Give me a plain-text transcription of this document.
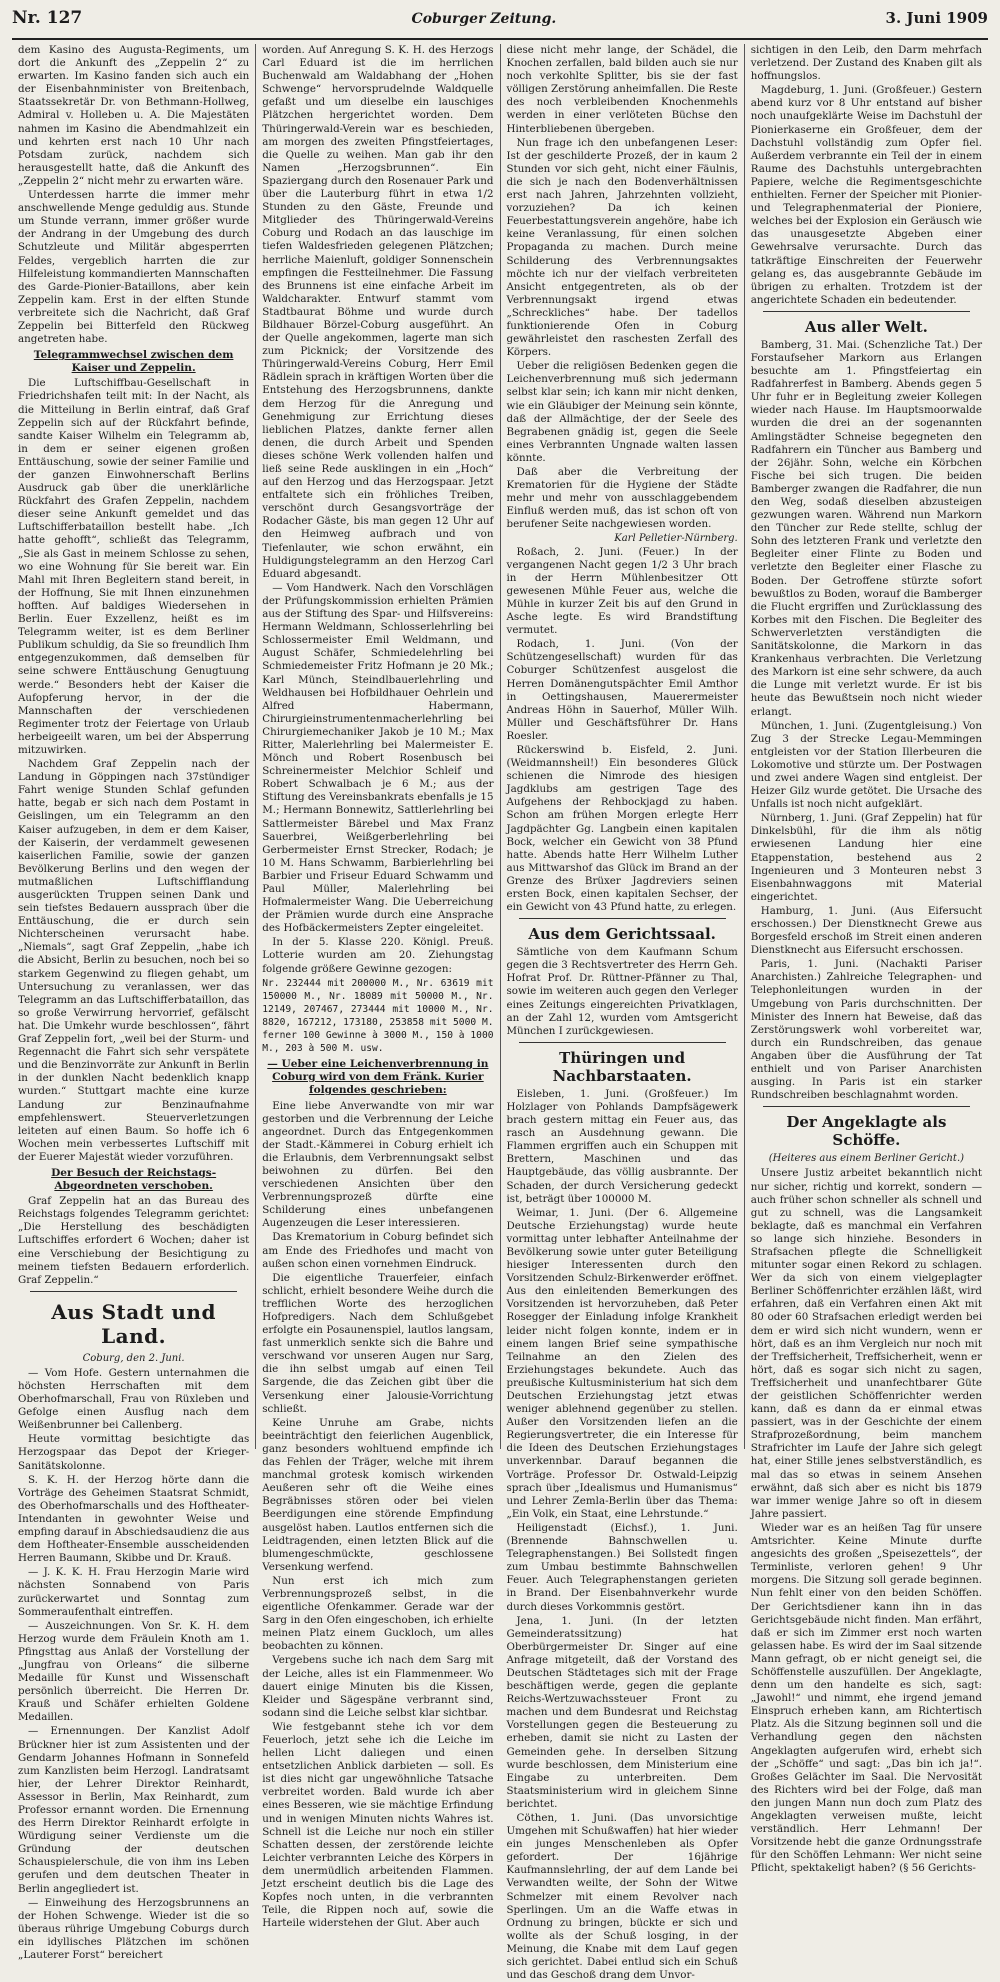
Nr. 127	Coburger Zeitung.	3. Juni 1909

dem Kasino des Augusta-Regiments, um dort die Ankunft des „Zeppelin 2“ zu erwarten. Im Kasino fanden sich auch ein der Eisenbahnminister von Breitenbach, Staatssekretär Dr. von Bethmann-Hollweg, Admiral v. Holleben u. A. Die Majestäten nahmen im Kasino die Abendmahlzeit ein und kehrten erst nach 10 Uhr nach Potsdam zurück, nachdem sich herausgestellt hatte, daß die Ankunft des „Zeppelin 2“ nicht mehr zu erwarten wäre.

Unterdessen harrte die immer mehr anschwellende Menge geduldig aus. Stunde um Stunde verrann, immer größer wurde der Andrang in der Umgebung des durch Schutzleute und Militär abgesperrten Feldes, vergeblich harrten die zur Hilfeleistung kommandierten Mannschaften des Garde-Pionier-Bataillons, aber kein Zeppelin kam. Erst in der elften Stunde verbreitete sich die Nachricht, daß Graf Zeppelin bei Bitterfeld den Rückweg angetreten habe.

Telegrammwechsel zwischen dem Kaiser und Zeppelin.

Die Luftschiffbau-Gesellschaft in Friedrichshafen teilt mit: In der Nacht, als die Mitteilung in Berlin eintraf, daß Graf Zeppelin sich auf der Rückfahrt befinde, sandte Kaiser Wilhelm ein Telegramm ab, in dem er seiner eigenen großen Enttäuschung, sowie der seiner Familie und der ganzen Einwohnerschaft Berlins Ausdruck gab über die unerklärliche Rückfahrt des Grafen Zeppelin, nachdem dieser seine Ankunft gemeldet und das Luftschifferbataillon bestellt habe. „Ich hatte gehofft“, schließt das Telegramm, „Sie als Gast in meinem Schlosse zu sehen, wo eine Wohnung für Sie bereit war. Ein Mahl mit Ihren Begleitern stand bereit, in der Hoffnung, Sie mit Ihnen einzunehmen hofften. Auf baldiges Wiedersehen in Berlin. Euer Exzellenz, heißt es im Telegramm weiter, ist es dem Berliner Publikum schuldig, da Sie so freundlich Ihm entgegenzukommen, daß demselben für seine schwere Enttäuschung Genugtuung werde.“ Besonders hebt der Kaiser die Aufopferung hervor, in der die Mannschaften der verschiedenen Regimenter trotz der Feiertage von Urlaub herbeigeeilt waren, um bei der Absperrung mitzuwirken.

Nachdem Graf Zeppelin nach der Landung in Göppingen nach 37stündiger Fahrt wenige Stunden Schlaf gefunden hatte, begab er sich nach dem Postamt in Geislingen, um ein Telegramm an den Kaiser aufzugeben, in dem er dem Kaiser, der Kaiserin, der verdammelt gewesenen kaiserlichen Familie, sowie der ganzen Bevölkerung Berlins und den wegen der mutmaßlichen Luftschifflandung ausgerückten Truppen seinen Dank und sein tiefstes Bedauern aussprach über die Enttäuschung, die er durch sein Nichterscheinen verursacht habe. „Niemals“, sagt Graf Zeppelin, „habe ich die Absicht, Berlin zu besuchen, noch bei so starkem Gegenwind zu fliegen gehabt, um Untersuchung zu veranlassen, wer das Telegramm an das Luftschifferbataillon, das so große Verwirrung hervorrief, gefälscht hat. Die Umkehr wurde beschlossen“, fährt Graf Zeppelin fort, „weil bei der Sturm- und Regennacht die Fahrt sich sehr verspätete und die Benzinvorräte zur Ankunft in Berlin in der dunklen Nacht bedenklich knapp wurden.“ Stuttgart machte eine kurze Landung zur Benzinaufnahme empfehlenswert. Steuerverletzungen leiteten auf einen Baum. So hoffe ich 6 Wochen mein verbessertes Luftschiff mit der Euerer Majestät wieder vorzuführen.

Der Besuch der Reichstags-Abgeordneten verschoben.

Graf Zeppelin hat an das Bureau des Reichstags folgendes Telegramm gerichtet: „Die Herstellung des beschädigten Luftschiffes erfordert 6 Wochen; daher ist eine Verschiebung der Besichtigung zu meinem tiefsten Bedauern erforderlich. Graf Zeppelin.“

Aus Stadt und Land.
Coburg, den 2. Juni.

— Vom Hofe. Gestern unternahmen die höchsten Herrschaften mit dem Oberhofmarschall, Frau von Rüxleben und Gefolge einen Ausflug nach dem Weißenbrunner bei Callenberg.

Heute vormittag besichtigte das Herzogspaar das Depot der Krieger-Sanitätskolonne.

S. K. H. der Herzog hörte dann die Vorträge des Geheimen Staatsrat Schmidt, des Oberhofmarschalls und des Hoftheater-Intendanten in gewohnter Weise und empfing darauf in Abschiedsaudienz die aus dem Hoftheater-Ensemble ausscheidenden Herren Baumann, Skibbe und Dr. Krauß.

— J. K. K. H. Frau Herzogin Marie wird nächsten Sonnabend von Paris zurückerwartet und Sonntag zum Sommeraufenthalt eintreffen.

— Auszeichnungen. Von Sr. K. H. dem Herzog wurde dem Fräulein Knoth am 1. Pfingsttag aus Anlaß der Vorstellung der „Jungfrau von Orleans“ die silberne Medaille für Kunst und Wissenschaft persönlich überreicht. Die Herren Dr. Krauß und Schäfer erhielten Goldene Medaillen.

— Ernennungen. Der Kanzlist Adolf Brückner hier ist zum Assistenten und der Gendarm Johannes Hofmann in Sonnefeld zum Kanzlisten beim Herzogl. Landratsamt hier, der Lehrer Direktor Reinhardt, Assessor in Berlin, Max Reinhardt, zum Professor ernannt worden. Die Ernennung des Herrn Direktor Reinhardt erfolgte in Würdigung seiner Verdienste um die Gründung der deutschen Schauspielerschule, die von ihm ins Leben gerufen und dem deutschen Theater in Berlin angegliedert ist.

— Einweihung des Herzogsbrunnens an der Hohen Schwenge. Wieder ist die so überaus rührige Umgebung Coburgs durch ein idyllisches Plätzchen im schönen „Lauterer Forst“ bereichert

worden. Auf Anregung S. K. H. des Herzogs Carl Eduard ist die im herrlichen Buchenwald am Waldabhang der „Hohen Schwenge“ hervorsprudelnde Waldquelle gefaßt und um dieselbe ein lauschiges Plätzchen hergerichtet worden. Dem Thüringerwald-Verein war es beschieden, am morgen des zweiten Pfingstfeiertages, die Quelle zu weihen. Man gab ihr den Namen „Herzogsbrunnen“. Ein Spaziergang durch den Rosenauer Park und über die Lauterburg führt in etwa 1/2 Stunden zu den Gäste, Freunde und Mitglieder des Thüringerwald-Vereins Coburg und Rodach an das lauschige im tiefen Waldesfrieden gelegenen Plätzchen; herrliche Maienluft, goldiger Sonnenschein empfingen die Festteilnehmer. Die Fassung des Brunnens ist eine einfache Arbeit im Waldcharakter. Entwurf stammt vom Stadtbaurat Böhme und wurde durch Bildhauer Börzel-Coburg ausgeführt. An der Quelle angekommen, lagerte man sich zum Picknick; der Vorsitzende des Thüringerwald-Vereins Coburg, Herr Emil Rädlein sprach in kräftigen Worten über die Entstehung des Herzogsbrunnens, dankte dem Herzog für die Anregung und Genehmigung zur Errichtung dieses lieblichen Platzes, dankte ferner allen denen, die durch Arbeit und Spenden dieses schöne Werk vollenden halfen und ließ seine Rede ausklingen in ein „Hoch“ auf den Herzog und das Herzogspaar. Jetzt entfaltete sich ein fröhliches Treiben, verschönt durch Gesangsvorträge der Rodacher Gäste, bis man gegen 12 Uhr auf den Heimweg aufbrach und von Tiefenlauter, wie schon erwähnt, ein Huldigungstelegramm an den Herzog Carl Eduard abgesandt.

— Vom Handwerk. Nach den Vorschlägen der Prüfungskommission erhielten Prämien aus der Stiftung des Spar- und Hilfsvereins: Hermann Weldmann, Schlosserlehrling bei Schlossermeister Emil Weldmann, und August Schäfer, Schmiedelehrling bei Schmiedemeister Fritz Hofmann je 20 Mk.; Karl Münch, Steindlbauerlehrling und Weldhausen bei Hofbildhauer Oehrlein und Alfred Habermann, Chirurgieinstrumentenmacherlehrling bei Chirurgiemechaniker Jakob je 10 M.; Max Ritter, Malerlehrling bei Malermeister E. Mönch und Robert Rosenbusch bei Schreinermeister Melchior Schleif und Robert Schwalbach je 6 M.; aus der Stiftung des Vereinsbankrats ebenfalls je 15 M.; Hermann Bonnewitz, Sattlerlehrling bei Sattlermeister Bärebel und Max Franz Sauerbrei, Weißgerberlehrling bei Gerbermeister Ernst Strecker, Rodach; je 10 M. Hans Schwamm, Barbierlehrling bei Barbier und Friseur Eduard Schwamm und Paul Müller, Malerlehrling bei Hofmalermeister Wang. Die Ueberreichung der Prämien wurde durch eine Ansprache des Hofbäckermeisters Zepter eingeleitet.

In der 5. Klasse 220. Königl. Preuß. Lotterie wurden am 20. Ziehungstag folgende größere Gewinne gezogen:

Nr. 232444 mit 200000 M., Nr. 63619 mit 150000 M., Nr. 18089 mit 50000 M., Nr. 12149, 207467, 273444 mit 10000 M., Nr. 8820, 167212, 173180, 253858 mit 5000 M. ferner 100 Gewinne à 3000 M., 150 à 1000 M., 203 à 500 M. usw.

— Ueber eine Leichenverbrennung in Coburg wird von dem Fränk. Kurier folgendes geschrieben:

Eine liebe Anverwandte von mir war gestorben und die Verbrennung der Leiche angeordnet. Durch das Entgegenkommen der Stadt.-Kämmerei in Coburg erhielt ich die Erlaubnis, dem Verbrennungsakt selbst beiwohnen zu dürfen. Bei den verschiedenen Ansichten über den Verbrennungsprozeß dürfte eine Schilderung eines unbefangenen Augenzeugen die Leser interessieren.

Das Krematorium in Coburg befindet sich am Ende des Friedhofes und macht von außen schon einen vornehmen Eindruck.

Die eigentliche Trauerfeier, einfach schlicht, erhielt besondere Weihe durch die trefflichen Worte des herzoglichen Hofpredigers. Nach dem Schlußgebet erfolgte ein Posaunenspiel, lautlos langsam, fast unmerklich senkte sich die Bahre und verschwand vor unseren Augen nur Sarg, die ihn selbst umgab auf einen Teil Sargende, die das Zeichen gibt über die Versenkung einer Jalousie-Vorrichtung schließt.

Keine Unruhe am Grabe, nichts beeinträchtigt den feierlichen Augenblick, ganz besonders wohltuend empfinde ich das Fehlen der Träger, welche mit ihrem manchmal grotesk komisch wirkenden Aeußeren sehr oft die Weihe eines Begräbnisses stören oder bei vielen Beerdigungen eine störende Empfindung ausgelöst haben. Lautlos entfernen sich die Leidtragenden, einen letzten Blick auf die blumengeschmückte, geschlossene Versenkung werfend.

Nun erst ich mich zum Verbrennungsprozeß selbst, in die eigentliche Ofenkammer. Gerade war der Sarg in den Ofen eingeschoben, ich erhielte meinen Platz einem Guckloch, um alles beobachten zu können.

Vergebens suche ich nach dem Sarg mit der Leiche, alles ist ein Flammenmeer. Wo dauert einige Minuten bis die Kissen, Kleider und Sägespäne verbrannt sind, sodann sind die Leiche selbst klar sichtbar.

Wie festgebannt stehe ich vor dem Feuerloch, jetzt sehe ich die Leiche im hellen Licht daliegen und einen entsetzlichen Anblick darbieten — soll. Es ist dies nicht gar ungewöhnliche Tatsache verbreitet worden. Bald wurde ich aber eines Besseren, wie sie mächtige Erfindung und in wenigen Minuten nichts Wahres ist. Schnell ist die Leiche nur noch ein stiller Schatten dessen, der zerstörende leichte Leichter verbrannten Leiche des Körpers in dem unermüdlich arbeitenden Flammen. Jetzt erscheint deutlich bis die Lage des Kopfes noch unten, in die verbrannten Teile, die Rippen noch auf, sowie die Harteile widerstehen der Glut. Aber auch

diese nicht mehr lange, der Schädel, die Knochen zerfallen, bald bilden auch sie nur noch verkohlte Splitter, bis sie der fast völligen Zerstörung anheimfallen. Die Reste des noch verbleibenden Knochenmehls werden in einer verlöteten Büchse den Hinterbliebenen übergeben.

Nun frage ich den unbefangenen Leser: Ist der geschilderte Prozeß, der in kaum 2 Stunden vor sich geht, nicht einer Fäulnis, die sich je nach den Bodenverhältnissen erst nach Jahren, Jahrzehnten vollzieht, vorzuziehen? Da ich keinen Feuerbestattungsverein angehöre, habe ich keine Veranlassung, für einen solchen Propaganda zu machen. Durch meine Schilderung des Verbrennungsaktes möchte ich nur der vielfach verbreiteten Ansicht entgegentreten, als ob der Verbrennungsakt irgend etwas „Schreckliches“ habe. Der tadellos funktionierende Ofen in Coburg gewährleistet den raschesten Zerfall des Körpers.

Ueber die religiösen Bedenken gegen die Leichenverbrennung muß sich jedermann selbst klar sein; ich kann mir nicht denken, wie ein Gläubiger der Meinung sein könnte, daß der Allmächtige, der der Seele des Begrabenen gnädig ist, gegen die Seele eines Verbrannten Ungnade walten lassen könnte.

Daß aber die Verbreitung der Krematorien für die Hygiene der Städte mehr und mehr von ausschlaggebendem Einfluß werden muß, das ist schon oft von berufener Seite nachgewiesen worden.

Karl Pelletier-Nürnberg.

Roßach, 2. Juni. (Feuer.) In der vergangenen Nacht gegen 1/2 3 Uhr brach in der Herrn Mühlenbesitzer Ott gewesenen Mühle Feuer aus, welche die Mühle in kurzer Zeit bis auf den Grund in Asche legte. Es wird Brandstiftung vermutet.

Rodach, 1. Juni. (Von der Schützengesellschaft) wurden für das Coburger Schützenfest ausgelost die Herren Domänengutspächter Emil Amthor in Oettingshausen, Mauerermeister Andreas Höhn in Sauerhof, Müller Wilh. Müller und Geschäftsführer Dr. Hans Roesler.

Rückerswind b. Eisfeld, 2. Juni. (Weidmannsheil!) Ein besonderes Glück schienen die Nimrode des hiesigen Jagdklubs am gestrigen Tage des Aufgehens der Rehbockjagd zu haben. Schon am frühen Morgen erlegte Herr Jagdpächter Gg. Langbein einen kapitalen Bock, welcher ein Gewicht von 38 Pfund hatte. Abends hatte Herr Wilhelm Luther aus Mittwarshof das Glück im Brand an der Grenze des Brüxer Jagdreviers seinen ersten Bock, einen kapitalen Sechser, der ein Gewicht von 43 Pfund hatte, zu erlegen.

Aus dem Gerichtssaal.

Sämtliche von dem Kaufmann Schum gegen die 3 Rechtsvertreter des Herrn Geh. Hofrat Prof. Dr. Rüttner-Pfänner zu Thal, sowie im weiteren auch gegen den Verleger eines Zeitungs eingereichten Privatklagen, an der Zahl 12, wurden vom Amtsgericht München I zurückgewiesen.

Thüringen und Nachbarstaaten.

Eisleben, 1. Juni. (Großfeuer.) Im Holzlager von Pohlands Dampfsägewerk brach gestern mittag ein Feuer aus, das rasch an Ausdehnung gewann. Die Flammen ergriffen auch ein Schuppen mit Brettern, Maschinen und das Hauptgebäude, das völlig ausbrannte. Der Schaden, der durch Versicherung gedeckt ist, beträgt über 100000 M.

Weimar, 1. Juni. (Der 6. Allgemeine Deutsche Erziehungstag) wurde heute vormittag unter lebhafter Anteilnahme der Bevölkerung sowie unter guter Beteiligung hiesiger Interessenten durch den Vorsitzenden Schulz-Birkenwerder eröffnet. Aus den einleitenden Bemerkungen des Vorsitzenden ist hervorzuheben, daß Peter Rosegger der Einladung infolge Krankheit leider nicht folgen konnte, indem er in einem langen Brief seine sympathische Teilnahme an den Zielen des Erziehungstages bekundete. Auch das preußische Kultusministerium hat sich dem Deutschen Erziehungstag jetzt etwas weniger ablehnend gegenüber zu stellen. Außer den Vorsitzenden liefen an die Regierungsvertreter, die ein Interesse für die Ideen des Deutschen Erziehungstages unverkennbar. Darauf begannen die Vorträge. Professor Dr. Ostwald-Leipzig sprach über „Idealismus und Humanismus“ und Lehrer Zemla-Berlin über das Thema: „Ein Volk, ein Staat, eine Lehrstunde.“

Heiligenstadt (Eichsf.), 1. Juni. (Brennende Bahnschwellen u. Telegraphenstangen.) Bei Sollstedt fingen zum Umbau bestimmte Bahnschwellen Feuer. Auch Telegraphenstangen gerieten in Brand. Der Eisenbahnverkehr wurde durch dieses Vorkommnis gestört.

Jena, 1. Juni. (In der letzten Gemeinderatssitzung) hat Oberbürgermeister Dr. Singer auf eine Anfrage mitgeteilt, daß der Vorstand des Deutschen Städtetages sich mit der Frage beschäftigen werde, gegen die geplante Reichs-Wertzuwachssteuer Front zu machen und dem Bundesrat und Reichstag Vorstellungen gegen die Besteuerung zu erheben, damit sie nicht zu Lasten der Gemeinden gehe. In derselben Sitzung wurde beschlossen, dem Ministerium eine Eingabe zu unterbreiten. Dem Staatsministerium wird in gleichem Sinne berichtet.

Cöthen, 1. Juni. (Das unvorsichtige Umgehen mit Schußwaffen) hat hier wieder ein junges Menschenleben als Opfer gefordert. Der 16jährige Kaufmannslehrling, der auf dem Lande bei Verwandten weilte, der Sohn der Witwe Schmelzer mit einem Revolver nach Sperlingen. Um an die Waffe etwas in Ordnung zu bringen, bückte er sich und wollte als der Schuß losging, in der Meinung, die Knabe mit dem Lauf gegen sich gerichtet. Dabei entlud sich ein Schuß und das Geschoß drang dem Unvor-

sichtigen in den Leib, den Darm mehrfach verletzend. Der Zustand des Knaben gilt als hoffnungslos.

Magdeburg, 1. Juni. (Großfeuer.) Gestern abend kurz vor 8 Uhr entstand auf bisher noch unaufgeklärte Weise im Dachstuhl der Pionierkaserne ein Großfeuer, dem der Dachstuhl vollständig zum Opfer fiel. Außerdem verbrannte ein Teil der in einem Raume des Dachstuhls untergebrachten Papiere, welche die Regimentsgeschichte enthielten. Ferner der Speicher mit Pionier- und Telegraphenmaterial der Pioniere, welches bei der Explosion ein Geräusch wie das unausgesetzte Abgeben einer Gewehrsalve verursachte. Durch das tatkräftige Einschreiten der Feuerwehr gelang es, das ausgebrannte Gebäude im übrigen zu erhalten. Trotzdem ist der angerichtete Schaden ein bedeutender.

Aus aller Welt.

Bamberg, 31. Mai. (Schenzliche Tat.) Der Forstaufseher Markorn aus Erlangen besuchte am 1. Pfingstfeiertag ein Radfahrerfest in Bamberg. Abends gegen 5 Uhr fuhr er in Begleitung zweier Kollegen wieder nach Hause. Im Hauptsmoorwalde wurden die drei an der sogenannten Amlingstädter Schneise begegneten den Radfahrern ein Tüncher aus Bamberg und der 26jähr. Sohn, welche ein Körbchen Fische bei sich trugen. Die beiden Bamberger zwangen die Radfahrer, die nun den Weg, sodaß dieselben abzusteigen gezwungen waren. Während nun Markorn den Tüncher zur Rede stellte, schlug der Sohn des letzteren Frank und verletzte den Begleiter einer Flinte zu Boden und verletzte den Begleiter einer Flasche zu Boden. Der Getroffene stürzte sofort bewußtlos zu Boden, worauf die Bamberger die Flucht ergriffen und Zurücklassung des Korbes mit den Fischen. Die Begleiter des Schwerverletzten verständigten die Sanitätskolonne, die Markorn in das Krankenhaus verbrachten. Die Verletzung des Markorn ist eine sehr schwere, da auch die Lunge mit verletzt wurde. Er ist bis heute das Bewußtsein noch nicht wieder erlangt.

München, 1. Juni. (Zugentgleisung.) Von Zug 3 der Strecke Legau-Memmingen entgleisten vor der Station Illerbeuren die Lokomotive und stürzte um. Der Postwagen und zwei andere Wagen sind entgleist. Der Heizer Gilz wurde getötet. Die Ursache des Unfalls ist noch nicht aufgeklärt.

Nürnberg, 1. Juni. (Graf Zeppelin) hat für Dinkelsbühl, für die ihm als nötig erwiesenen Landung hier eine Etappenstation, bestehend aus 2 Ingenieuren und 3 Monteuren nebst 3 Eisenbahnwaggons mit Material eingerichtet.

Hamburg, 1. Juni. (Aus Eifersucht erschossen.) Der Dienstknecht Grewe aus Borgesfeld erschoß im Streit einen anderen Dienstknecht aus Eifersucht erschossen.

Paris, 1. Juni. (Nachakti Pariser Anarchisten.) Zahlreiche Telegraphen- und Telephonleitungen wurden in der Umgebung von Paris durchschnitten. Der Minister des Innern hat Beweise, daß das Zerstörungswerk wohl vorbereitet war, durch ein Rundschreiben, das genaue Angaben über die Ausführung der Tat enthielt und von Pariser Anarchisten ausging. In Paris ist ein starker Rundschreiben beschlagnahmt worden.

Der Angeklagte als Schöffe.
(Heiteres aus einem Berliner Gericht.)

Unsere Justiz arbeitet bekanntlich nicht nur sicher, richtig und korrekt, sondern — auch früher schon schneller als schnell und gut zu schnell, was die Langsamkeit beklagte, daß es manchmal ein Verfahren so lange sich hinziehe. Besonders in Strafsachen pflegte die Schnelligkeit mitunter sogar einen Rekord zu schlagen. Wer da sich von einem vielgeplagter Berliner Schöffenrichter erzählen läßt, wird erfahren, daß ein Verfahren einen Akt mit 80 oder 60 Strafsachen erledigt werden bei dem er wird sich nicht wundern, wenn er hört, daß es an ihm Vergleich nur noch mit der Treffsicherheit, Treffsicherheit, wenn er hört, daß es sogar sich nicht zu sagen, Treffsicherheit und unanfechtbarer Güte der geistlichen Schöffenrichter werden kann, daß es dann da er einmal etwas passiert, was in der Geschichte der einem Strafprozeßordnung, beim manchem Strafrichter im Laufe der Jahre sich gelegt hat, einer Stille jenes selbstverständlich, es mal das so etwas in seinem Ansehen erwähnt, daß sich aber es nicht bis 1879 war immer wenige Jahre so oft in diesem Jahre passiert.

Wieder war es an heißen Tag für unsere Amtsrichter. Keine Minute durfte angesichts des großen „Speisezettels“, der Terminliste, verloren gehen! 9 Uhr morgens. Die Sitzung soll gerade beginnen. Nun fehlt einer von den beiden Schöffen. Der Gerichtsdiener kann ihn in das Gerichtsgebäude nicht finden. Man erfährt, daß er sich im Zimmer erst noch warten gelassen habe. Es wird der im Saal sitzende Mann gefragt, ob er nicht geneigt sei, die Schöffenstelle auszufüllen. Der Angeklagte, denn um den handelte es sich, sagt: „Jawohl!“ und nimmt, ehe irgend jemand Einspruch erheben kann, am Richtertisch Platz. Als die Sitzung beginnen soll und die Verhandlung gegen den nächsten Angeklagten aufgerufen wird, erhebt sich der „Schöffe“ und sagt: „Das bin ich ja!“. Großes Gelächter im Saal. Die Nervosität des Richters wird bei der Folge, daß man den jungen Mann nun doch zum Platz des Angeklagten verweisen mußte, leicht verständlich. Herr Lehmann! Der Vorsitzende hebt die ganze Ordnungsstrafe für den Schöffen Lehmann: Wer nicht seine Pflicht, spektakeligt haben? (§ 56 Gerichts-
